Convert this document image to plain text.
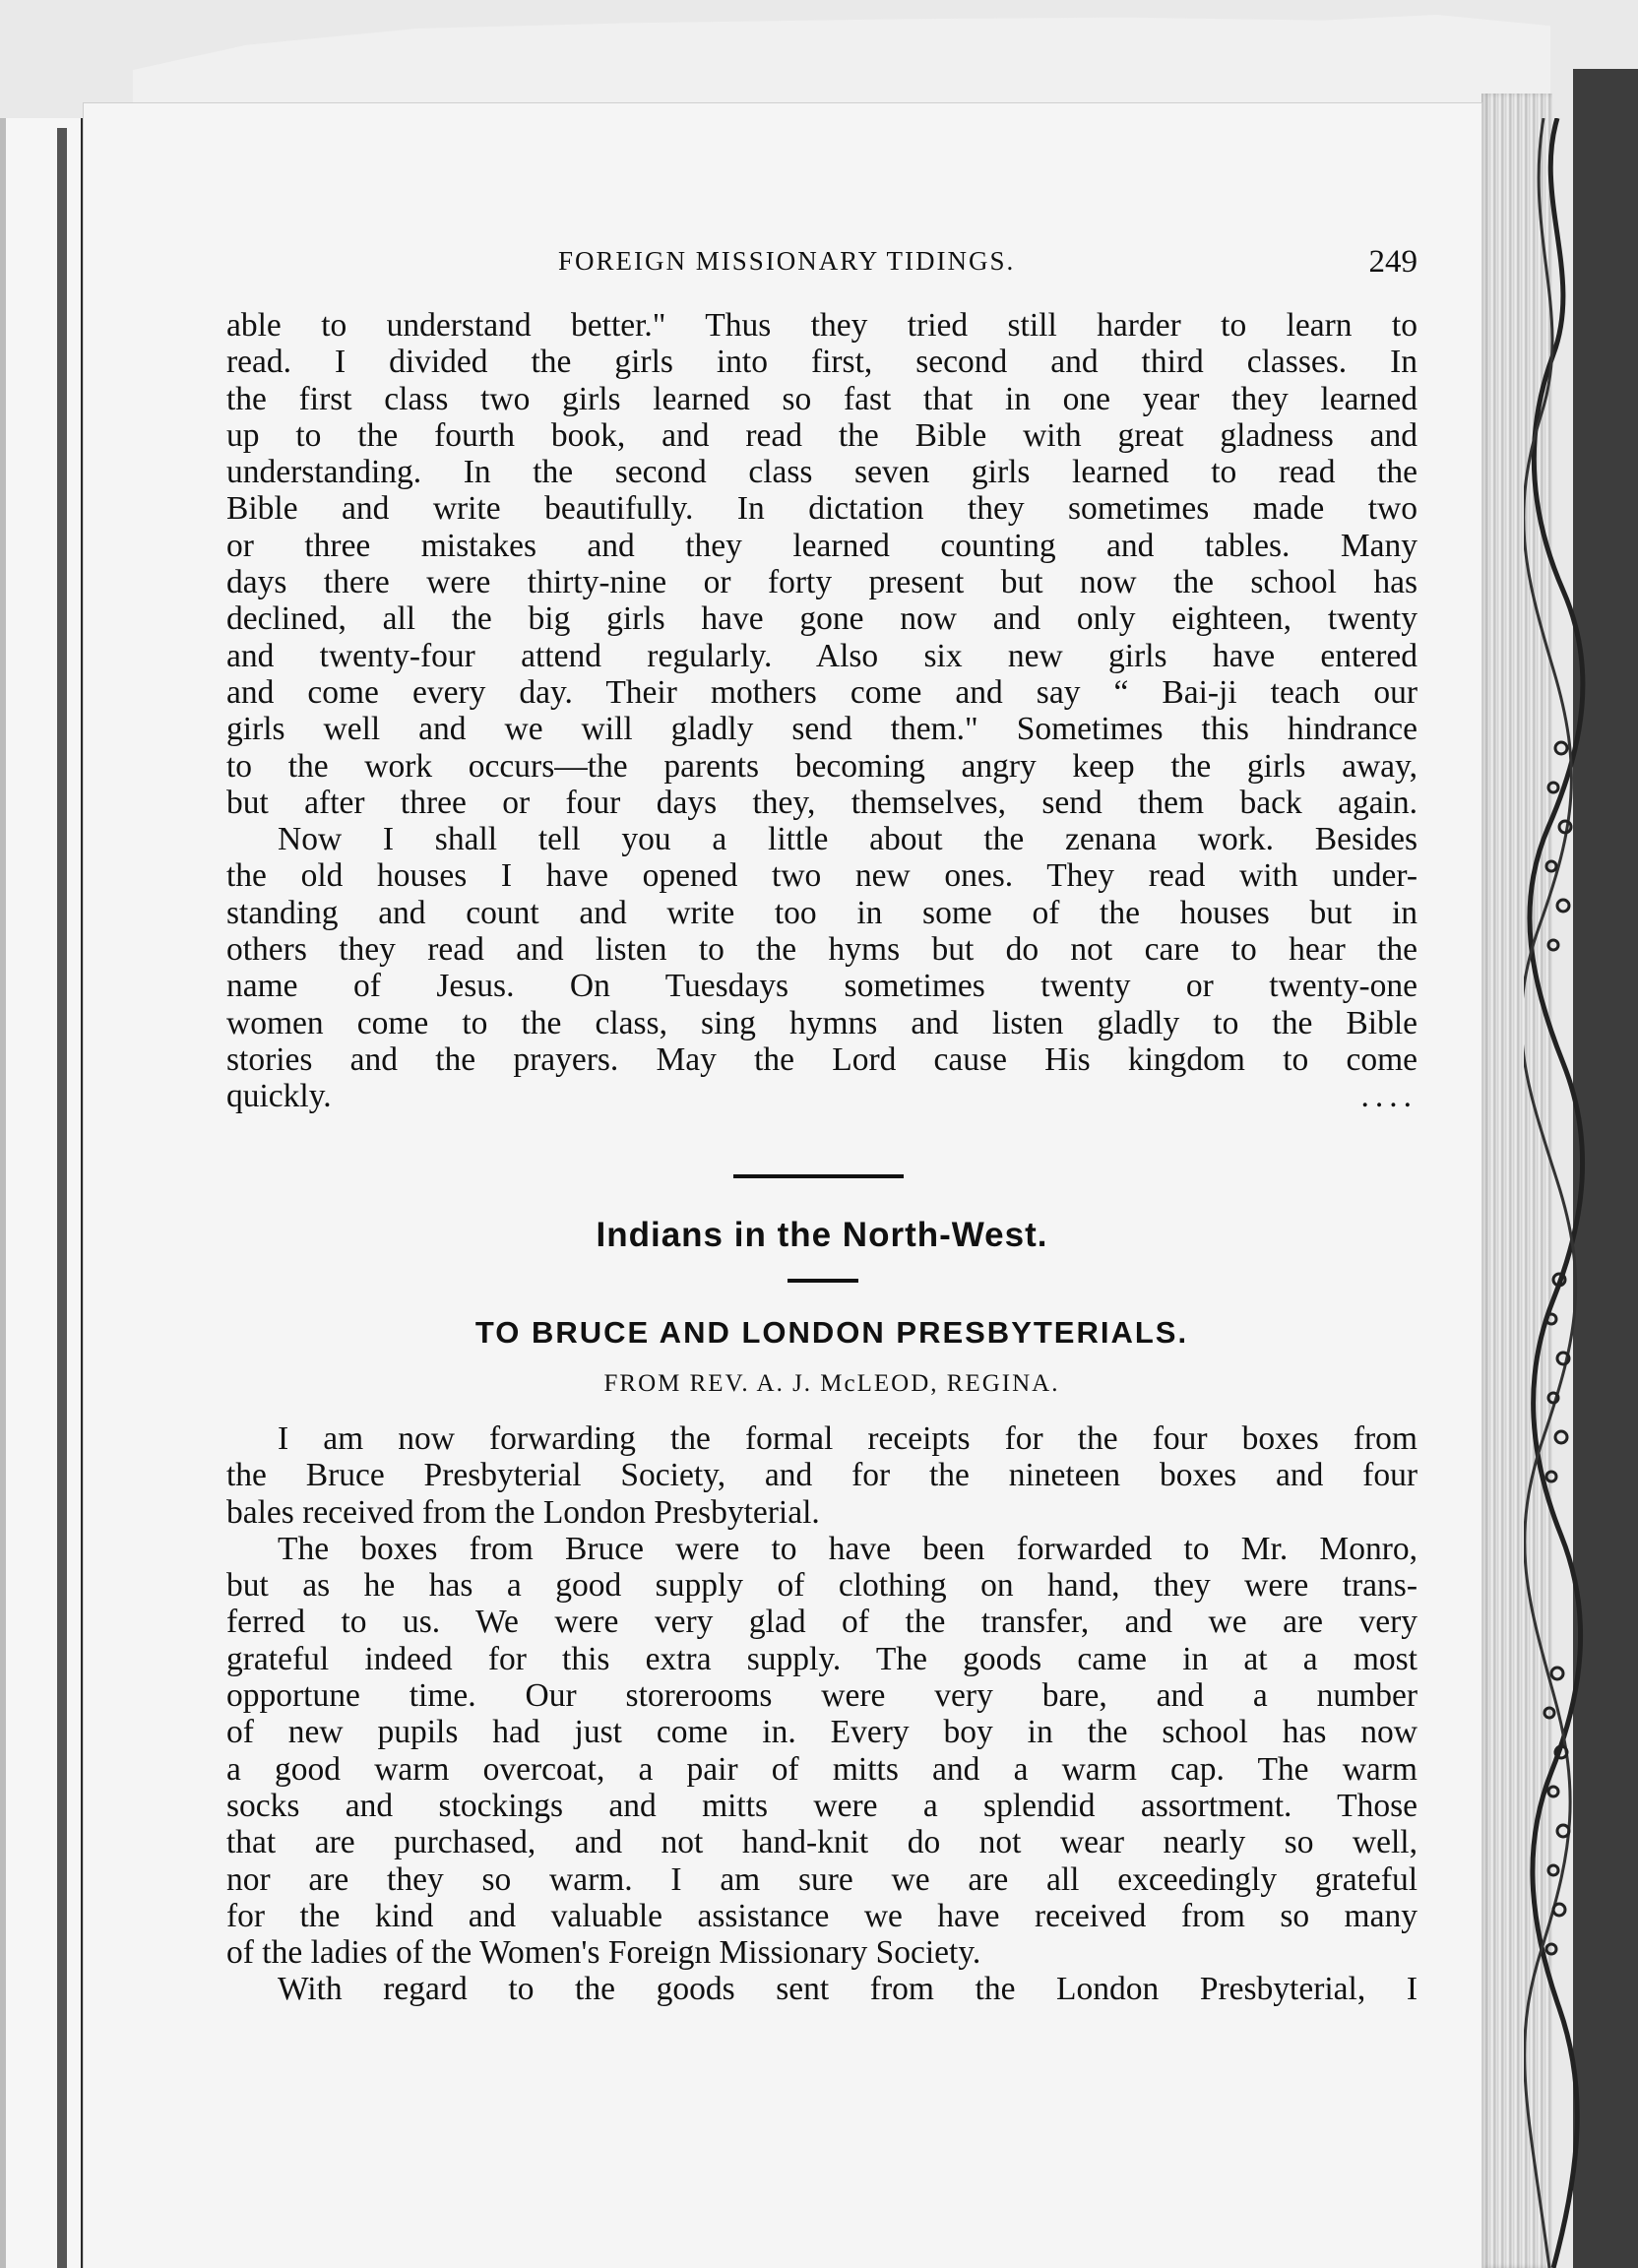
FOREIGN MISSIONARY TIDINGS.	249
able to understand better." Thus they tried still harder to learn to
read. I divided the girls into first, second and third classes. In
the first class two girls learned so fast that in one year they learned
up to the fourth book, and read the Bible with great gladness and
understanding. In the second class seven girls learned to read the
Bible and write beautifully. In dictation they sometimes made two
or three mistakes and they learned counting and tables. Many
days there were thirty-nine or forty present but now the school has
declined, all the big girls have gone now and only eighteen, twenty
and twenty-four attend regularly. Also six new girls have entered
and come every day. Their mothers come and say “ Bai-ji teach our
girls well and we will gladly send them." Sometimes this hindrance
to the work occurs—the parents becoming angry keep the girls away,
but after three or four days they, themselves, send them back again.
Now I shall tell you a little about the zenana work. Besides
the old houses I have opened two new ones. They read with under-
standing and count and write too in some of the houses but in
others they read and listen to the hyms but do not care to hear the
name of Jesus. On Tuesdays sometimes twenty or twenty-one
women come to the class, sing hymns and listen gladly to the Bible
stories and the prayers. May the Lord cause His kingdom to come
quickly.	....
Indians in the North-West.
TO BRUCE AND LONDON PRESBYTERIALS.
FROM REV. A. J. McLEOD, REGINA.
I am now forwarding the formal receipts for the four boxes from
the Bruce Presbyterial Society, and for the nineteen boxes and four
bales received from the London Presbyterial.
The boxes from Bruce were to have been forwarded to Mr. Monro,
but as he has a good supply of clothing on hand, they were trans-
ferred to us. We were very glad of the transfer, and we are very
grateful indeed for this extra supply. The goods came in at a most
opportune time. Our storerooms were very bare, and a number
of new pupils had just come in. Every boy in the school has now
a good warm overcoat, a pair of mitts and a warm cap. The warm
socks and stockings and mitts were a splendid assortment. Those
that are purchased, and not hand-knit do not wear nearly so well,
nor are they so warm. I am sure we are all exceedingly grateful
for the kind and valuable assistance we have received from so many
of the ladies of the Women's Foreign Missionary Society.
With regard to the goods sent from the London Presbyterial, I
